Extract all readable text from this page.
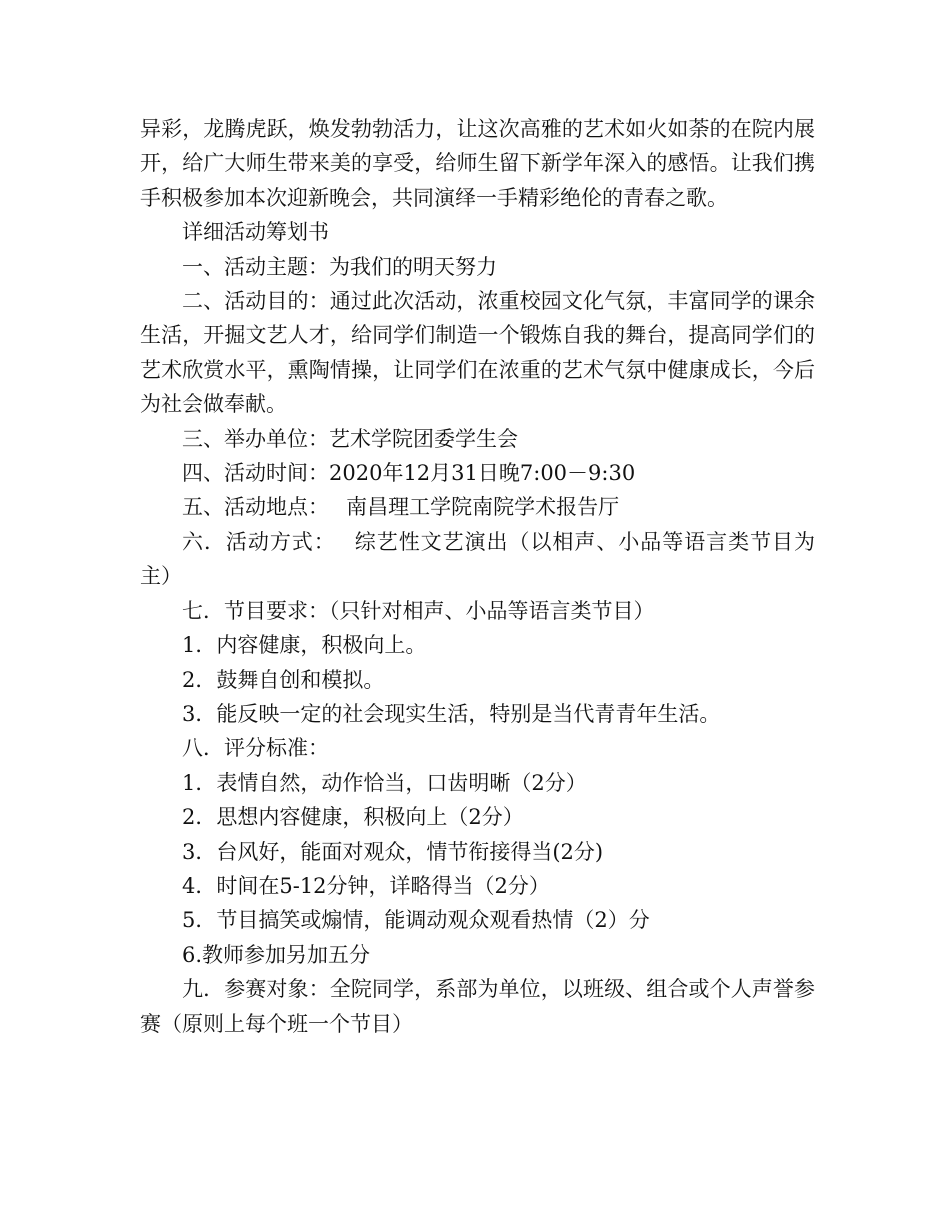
异彩，龙腾虎跃，焕发勃勃活力，让这次高雅的艺术如火如荼的在院内展开，给广大师生带来美的享受，给师生留下新学年深入的感悟。让我们携手积极参加本次迎新晚会，共同演绎一手精彩绝伦的青春之歌。

详细活动筹划书

一、活动主题：为我们的明天努力

二、活动目的：通过此次活动，浓重校园文化气氛，丰富同学的课余生活，开掘文艺人才，给同学们制造一个锻炼自我的舞台，提高同学们的艺术欣赏水平，熏陶情操，让同学们在浓重的艺术气氛中健康成长，今后为社会做奉献。

三、举办单位：艺术学院团委学生会

四、活动时间：2020年12月31日晚7:00－9:30

五、活动地点：　 南昌理工学院南院学术报告厅

六．活动方式：　 综艺性文艺演出（以相声、小品等语言类节目为主）

七．节目要求：（只针对相声、小品等语言类节目）

1．内容健康，积极向上。

2．鼓舞自创和模拟。

3．能反映一定的社会现实生活，特别是当代青青年生活。

八．评分标准：

1．表情自然，动作恰当，口齿明晰（2分）

2．思想内容健康，积极向上（2分）

3．台风好，能面对观众，情节衔接得当(2分)

4．时间在5-12分钟，详略得当（2分）

5．节目搞笑或煽情，能调动观众观看热情（2）分

6.教师参加另加五分

九．参赛对象：全院同学，系部为单位，以班级、组合或个人声誉参赛（原则上每个班一个节目）
